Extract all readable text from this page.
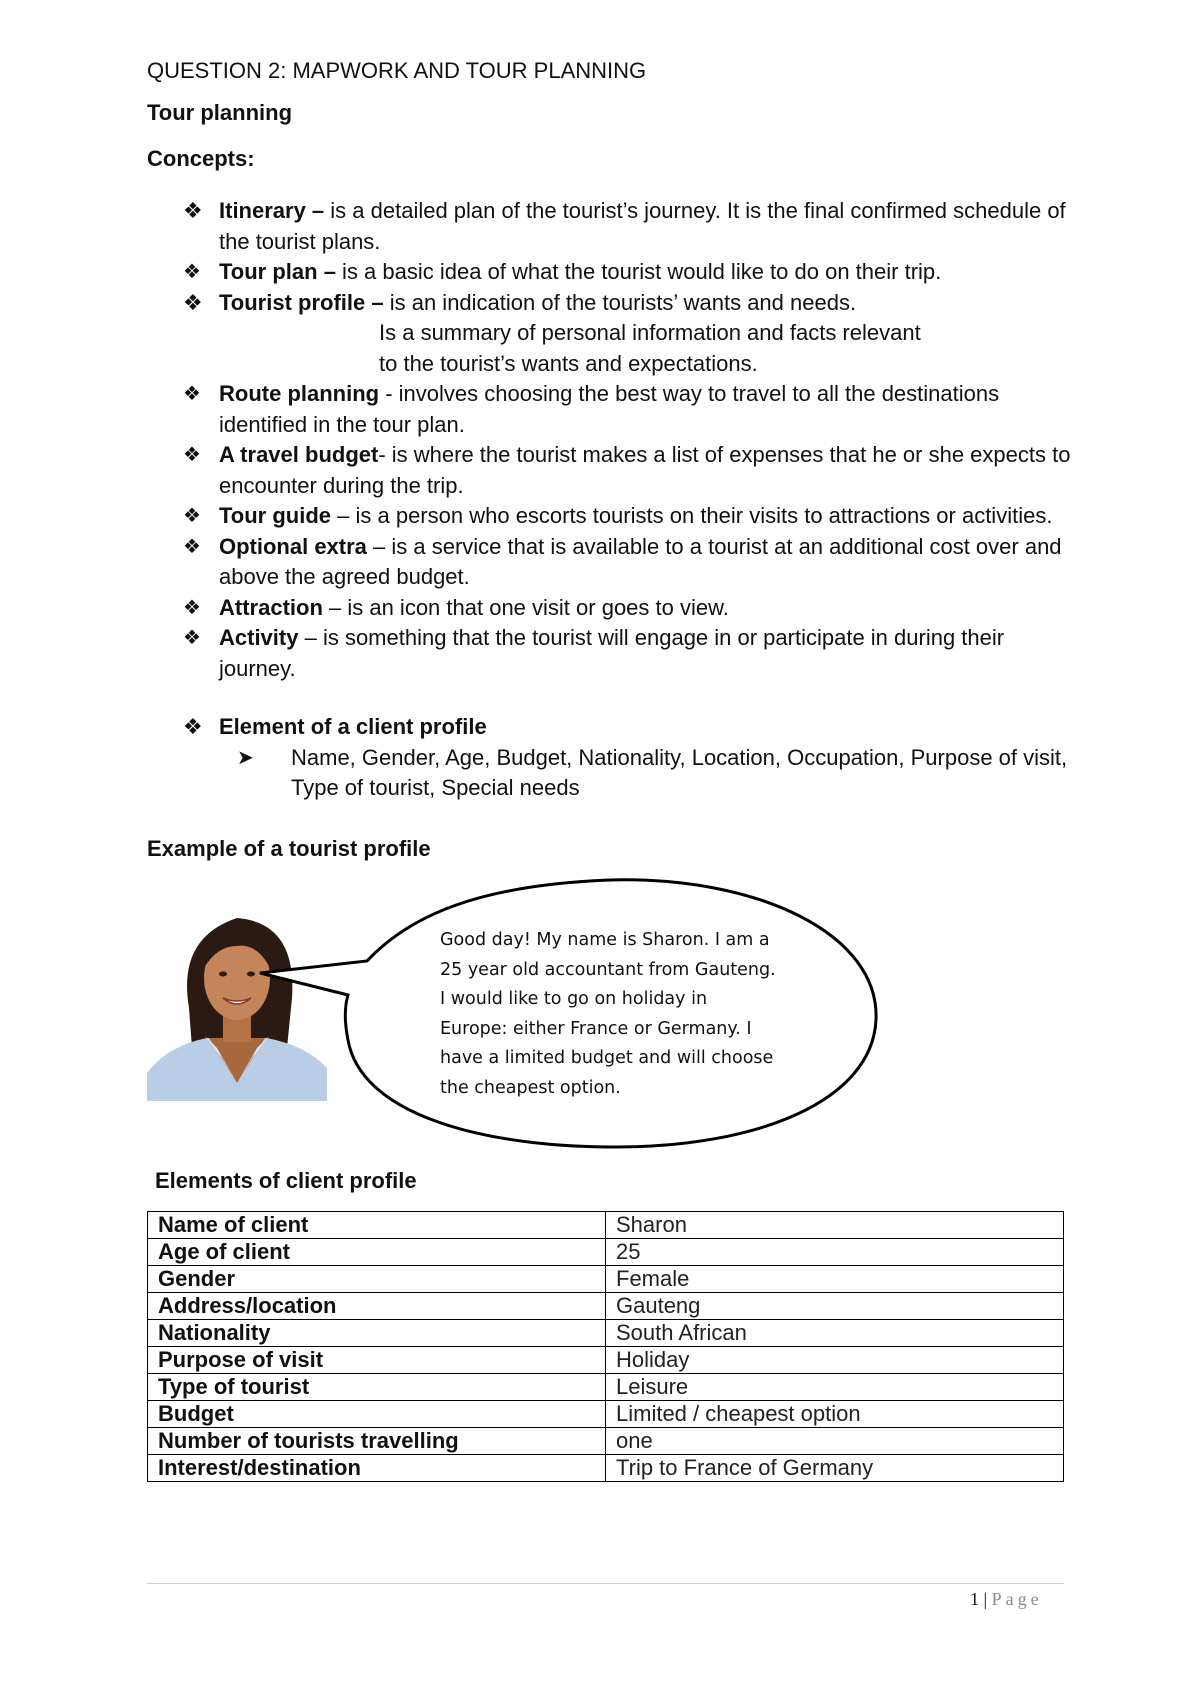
QUESTION 2: MAPWORK AND TOUR PLANNING
Tour planning
Concepts:
❖ Itinerary – is a detailed plan of the tourist’s journey. It is the final confirmed schedule of the tourist plans.
❖ Tour plan – is a basic idea of what the tourist would like to do on their trip.
❖ Tourist profile – is an indication of the tourists’ wants and needs.
Is a summary of personal information and facts relevant
to the tourist’s wants and expectations.
❖ Route planning - involves choosing the best way to travel to all the destinations identified in the tour plan.
❖ A travel budget- is where the tourist makes a list of expenses that he or she expects to encounter during the trip.
❖ Tour guide – is a person who escorts tourists on their visits to attractions or activities.
❖ Optional extra – is a service that is available to a tourist at an additional cost over and above the agreed budget.
❖ Attraction – is an icon that one visit or goes to view.
❖ Activity – is something that the tourist will engage in or participate in during their journey.
❖ Element of a client profile
➤ Name, Gender, Age, Budget, Nationality, Location, Occupation, Purpose of visit, Type of tourist, Special needs
Example of a tourist profile
Good day! My name is Sharon. I am a
25 year old accountant from Gauteng.
I would like to go on holiday in
Europe: either France or Germany. I
have a limited budget and will choose
the cheapest option.
Elements of client profile
Name of client	Sharon
Age of client	25
Gender	Female
Address/location	Gauteng
Nationality	South African
Purpose of visit	Holiday
Type of tourist	Leisure
Budget	Limited / cheapest option
Number of tourists travelling	one
Interest/destination	Trip to France of Germany
1 | Page
